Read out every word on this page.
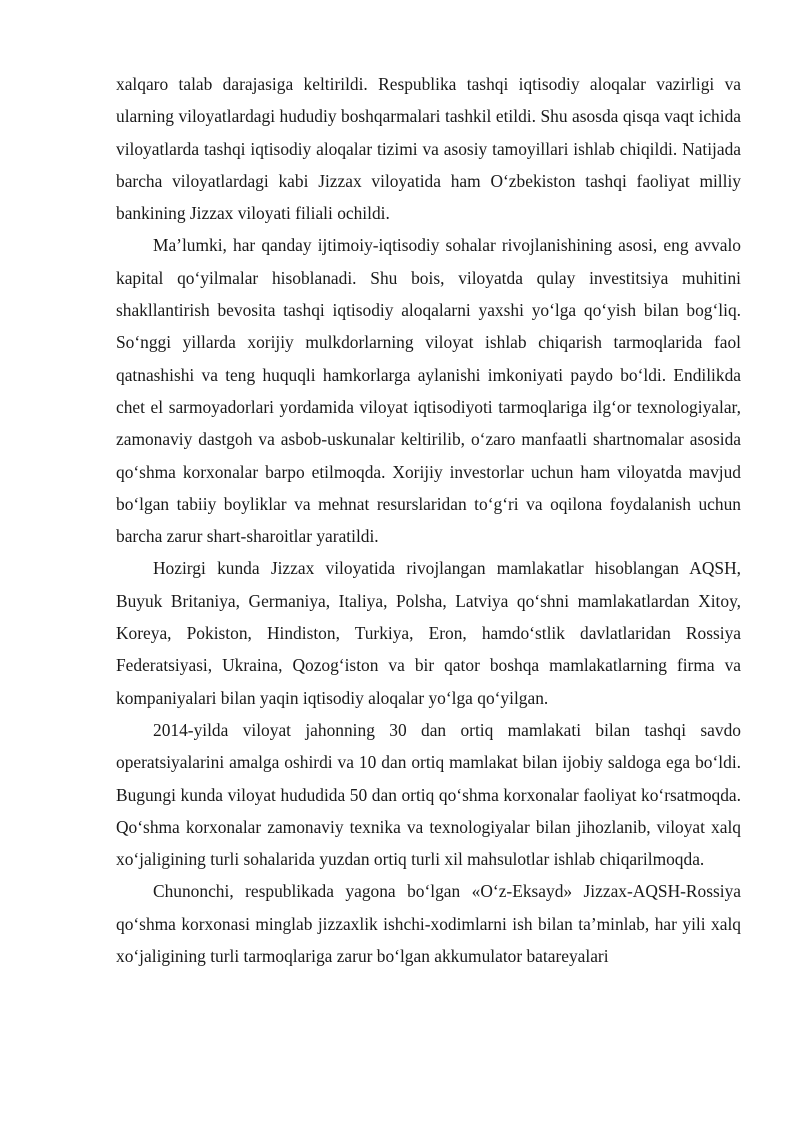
xalqaro talab darajasiga keltirildi. Respublika tashqi iqtisodiy aloqalar vazirligi va ularning viloyatlardagi hududiy boshqarmalari tashkil etildi. Shu asosda qisqa vaqt ichida viloyatlarda tashqi iqtisodiy aloqalar tizimi va asosiy tamoyillari ishlab chiqildi. Natijada barcha viloyatlardagi kabi Jizzax viloyatida ham O‘zbekiston tashqi faoliyat milliy bankining Jizzax viloyati filiali ochildi.

Ma’lumki, har qanday ijtimoiy-iqtisodiy sohalar rivojlanishining asosi, eng avvalo kapital qo‘yilmalar hisoblanadi. Shu bois, viloyatda qulay investitsiya muhitini shakllantirish bevosita tashqi iqtisodiy aloqalarni yaxshi yo‘lga qo‘yish bilan bog‘liq. So‘nggi yillarda xorijiy mulkdorlarning viloyat ishlab chiqarish tarmoqlarida faol qatnashishi va teng huquqli hamkorlarga aylanishi imkoniyati paydo bo‘ldi. Endilikda chet el sarmoyadorlari yordamida viloyat iqtisodiyoti tarmoqlariga ilg‘or texnologiyalar, zamonaviy dastgoh va asbob-uskunalar keltirilib, o‘zaro manfaatli shartnomalar asosida qo‘shma korxonalar barpo etilmoqda. Xorijiy investorlar uchun ham viloyatda mavjud bo‘lgan tabiiy boyliklar va mehnat resurslaridan to‘g‘ri va oqilona foydalanish uchun barcha zarur shart-sharoitlar yaratildi.

Hozirgi kunda Jizzax viloyatida rivojlangan mamlakatlar hisoblangan AQSH, Buyuk Britaniya, Germaniya, Italiya, Polsha, Latviya qo‘shni mamlakatlardan Xitoy, Koreya, Pokiston, Hindiston, Turkiya, Eron, hamdo‘stlik davlatlaridan Rossiya Federatsiyasi, Ukraina, Qozog‘iston va bir qator boshqa mamlakatlarning firma va kompaniyalari bilan yaqin iqtisodiy aloqalar yo‘lga qo‘yilgan.

2014-yilda viloyat jahonning 30 dan ortiq mamlakati bilan tashqi savdo operatsiyalarini amalga oshirdi va 10 dan ortiq mamlakat bilan ijobiy saldoga ega bo‘ldi. Bugungi kunda viloyat hududida 50 dan ortiq qo‘shma korxonalar faoliyat ko‘rsatmoqda. Qo‘shma korxonalar zamonaviy texnika va texnologiyalar bilan jihozlanib, viloyat xalq xo‘jaligining turli sohalarida yuzdan ortiq turli xil mahsulotlar ishlab chiqarilmoqda.

Chunonchi, respublikada yagona bo‘lgan «O‘z-Eksayd» Jizzax-AQSH-Rossiya qo‘shma korxonasi minglab jizzaxlik ishchi-xodimlarni ish bilan ta’minlab, har yili xalq xo‘jaligining turli tarmoqlariga zarur bo‘lgan akkumulator batareyalari
